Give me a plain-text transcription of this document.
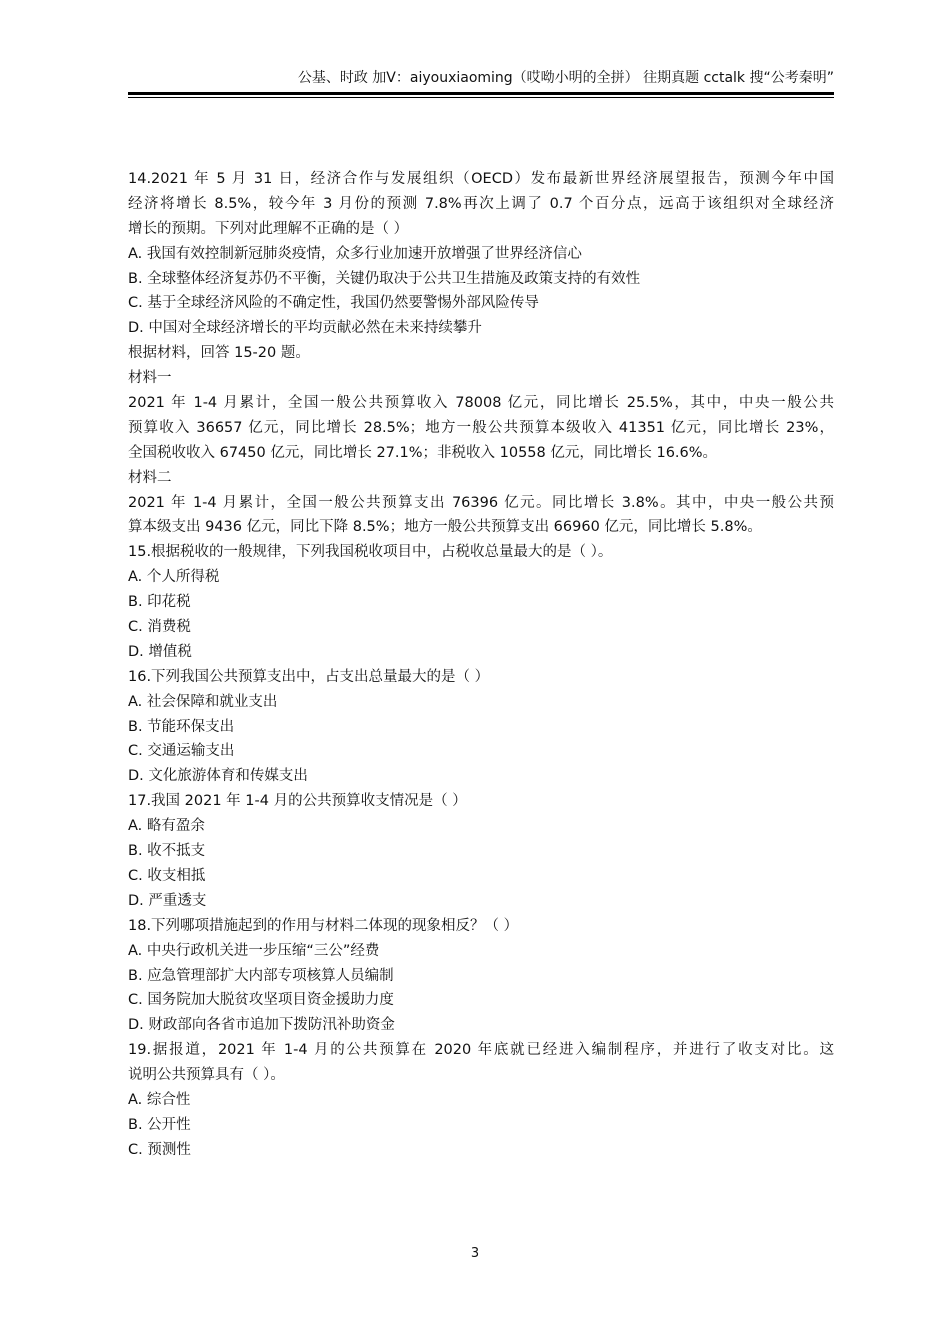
公基、时政 加V：aiyouxiaoming（哎呦小明的全拼） 往期真题 cctalk 搜“公考秦明”
14.2021 年 5 月 31 日，经济合作与发展组织（OECD）发布最新世界经济展望报告，预测今年中国
经济将增长 8.5%，较今年 3 月份的预测 7.8%再次上调了 0.7 个百分点，远高于该组织对全球经济
增长的预期。下列对此理解不正确的是（ ）
A. 我国有效控制新冠肺炎疫情，众多行业加速开放增强了世界经济信心
B. 全球整体经济复苏仍不平衡，关键仍取决于公共卫生措施及政策支持的有效性
C. 基于全球经济风险的不确定性，我国仍然要警惕外部风险传导
D. 中国对全球经济增长的平均贡献必然在未来持续攀升
根据材料，回答 15-20 题。
材料一
2021 年 1-4 月累计，全国一般公共预算收入 78008 亿元，同比增长 25.5%，其中，中央一般公共
预算收入 36657 亿元，同比增长 28.5%；地方一般公共预算本级收入 41351 亿元，同比增长 23%，
全国税收收入 67450 亿元，同比增长 27.1%；非税收入 10558 亿元，同比增长 16.6%。
材料二
2021 年 1-4 月累计，全国一般公共预算支出 76396 亿元。同比增长 3.8%。其中，中央一般公共预
算本级支出 9436 亿元，同比下降 8.5%；地方一般公共预算支出 66960 亿元，同比增长 5.8%。
15.根据税收的一般规律，下列我国税收项目中，占税收总量最大的是（ ）。
A. 个人所得税
B. 印花税
C. 消费税
D. 增值税
16.下列我国公共预算支出中，占支出总量最大的是（ ）
A. 社会保障和就业支出
B. 节能环保支出
C. 交通运输支出
D. 文化旅游体育和传媒支出
17.我国 2021 年 1-4 月的公共预算收支情况是（ ）
A. 略有盈余
B. 收不抵支
C. 收支相抵
D. 严重透支
18.下列哪项措施起到的作用与材料二体现的现象相反？（ ）
A. 中央行政机关进一步压缩“三公”经费
B. 应急管理部扩大内部专项核算人员编制
C. 国务院加大脱贫攻坚项目资金援助力度
D. 财政部向各省市追加下拨防汛补助资金
19.据报道，2021 年 1-4 月的公共预算在 2020 年底就已经进入编制程序，并进行了收支对比。这
说明公共预算具有（ ）。
A. 综合性
B. 公开性
C. 预测性
3
